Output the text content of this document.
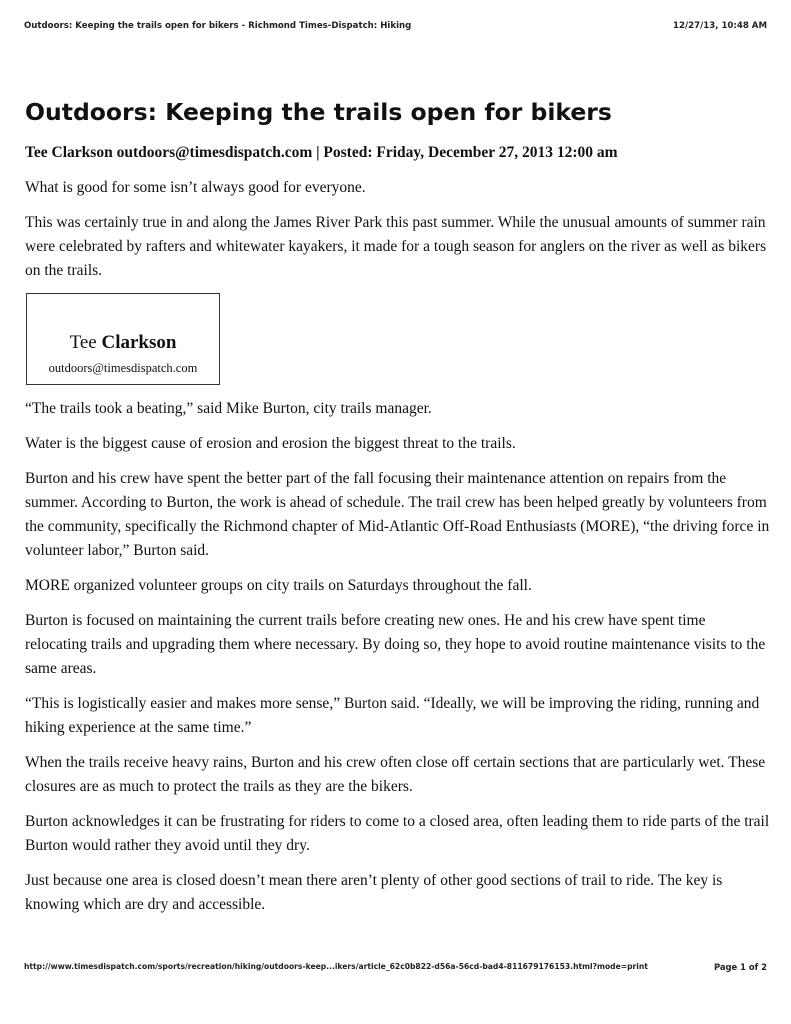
Outdoors: Keeping the trails open for bikers - Richmond Times-Dispatch: Hiking	12/27/13, 10:48 AM
Outdoors: Keeping the trails open for bikers

Tee Clarkson outdoors@timesdispatch.com | Posted: Friday, December 27, 2013 12:00 am

What is good for some isn’t always good for everyone.

This was certainly true in and along the James River Park this past summer. While the unusual amounts of summer rain were celebrated by rafters and whitewater kayakers, it made for a tough season for anglers on the river as well as bikers on the trails.

Tee Clarkson
outdoors@timesdispatch.com

“The trails took a beating,” said Mike Burton, city trails manager.

Water is the biggest cause of erosion and erosion the biggest threat to the trails.

Burton and his crew have spent the better part of the fall focusing their maintenance attention on repairs from the summer. According to Burton, the work is ahead of schedule. The trail crew has been helped greatly by volunteers from the community, specifically the Richmond chapter of Mid-Atlantic Off-Road Enthusiasts (MORE), “the driving force in volunteer labor,” Burton said.

MORE organized volunteer groups on city trails on Saturdays throughout the fall.

Burton is focused on maintaining the current trails before creating new ones. He and his crew have spent time relocating trails and upgrading them where necessary. By doing so, they hope to avoid routine maintenance visits to the same areas.

“This is logistically easier and makes more sense,” Burton said. “Ideally, we will be improving the riding, running and hiking experience at the same time.”

When the trails receive heavy rains, Burton and his crew often close off certain sections that are particularly wet. These closures are as much to protect the trails as they are the bikers.

Burton acknowledges it can be frustrating for riders to come to a closed area, often leading them to ride parts of the trail Burton would rather they avoid until they dry.

Just because one area is closed doesn’t mean there aren’t plenty of other good sections of trail to ride. The key is knowing which are dry and accessible.

http://www.timesdispatch.com/sports/recreation/hiking/outdoors-keep...ikers/article_62c0b822-d56a-56cd-bad4-811679176153.html?mode=print	Page 1 of 2
